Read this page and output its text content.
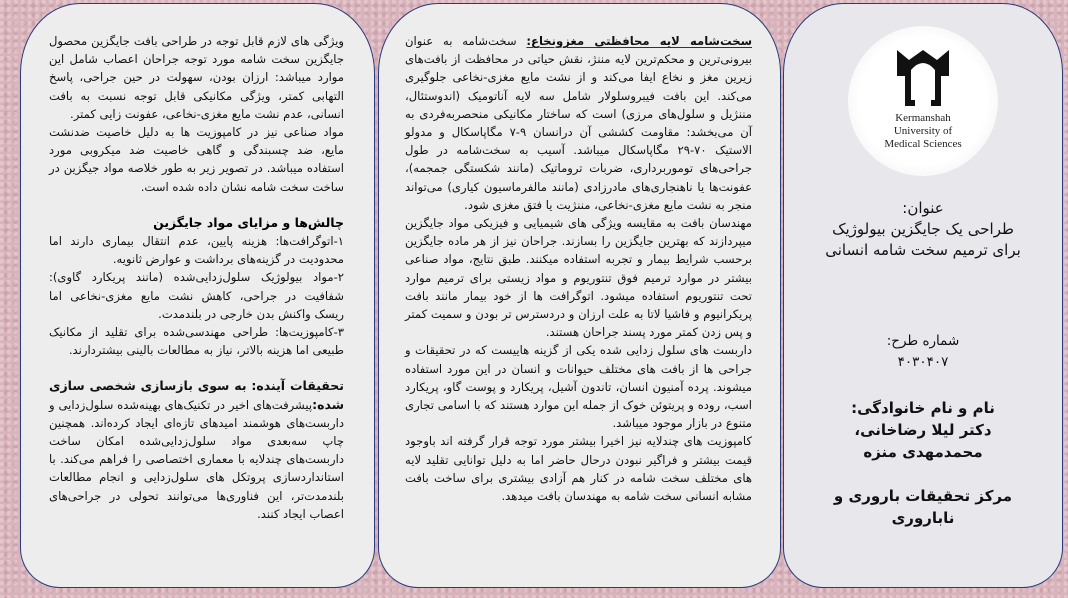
ویژگی های لازم قابل توجه در طراحی بافت جایگزین محصول جایگزین سخت شامه مورد توجه جراحان اعصاب شامل این موارد میباشد: ارزان بودن، سهولت در حین جراحی، پاسخ التهابی کمتر، ویژگی مکانیکی قابل توجه نسبت به بافت انسانی، عدم نشت مایع مغزی-نخاعی، عفونت زایی کمتر.

مواد صناعی نیز در کامپوزیت ها به دلیل خاصیت ضدنشت مایع، ضد چسبندگی و گاهی خاصیت ضد میکروبی مورد استفاده میباشد. در تصویر زیر به طور خلاصه مواد جیگزین در ساخت سخت شامه نشان داده شده است.

چالش‌ها و مزایای مواد جایگزین

۱-اتوگرافت‌ها: هزینه پایین، عدم انتقال بیماری دارند اما محدودیت در گزینه‌های برداشت و عوارض ثانویه.

۲-مواد بیولوژیک سلول‌زدایی‌شده (مانند پریکارد گاوی): شفافیت در جراحی، کاهش نشت مایع مغزی-نخاعی اما ریسک واکنش بدن خارجی در بلندمدت.

۳-کامپوزیت‌ها: طراحی مهندسی‌شده برای تقلید از مکانیک طبیعی اما هزینه بالاتر، نیاز به مطالعات بالینی بیشتردارند.

تحقیقات آینده: به سوی بازسازی شخصی سازی شده:پیشرفت‌های اخیر در تکنیک‌های بهینه‌شده سلول‌زدایی و داربست‌های هوشمند امیدهای تازه‌ای ایجاد کرده‌اند. همچنین چاپ سه‌بعدی مواد سلول‌زدایی‌شده امکان ساخت داربست‌های چندلایه با معماری اختصاصی را فراهم می‌کند. با استانداردسازی پروتکل های سلول‌زدایی و انجام مطالعات بلندمدت‌تر، این فناوری‌ها می‌توانند تحولی در جراحی‌های اعصاب ایجاد کنند.

سخت‌شامه لایه محافظتی مغزونخاع: سخت‌شامه به عنوان بیرونی‌ترین و محکم‌ترین لایه مننژ، نقش حیاتی در محافظت از بافت‌های زیرین مغز و نخاع ایفا می‌کند و از نشت مایع مغزی-نخاعی جلوگیری می‌کند. این بافت فیبروسلولار شامل سه لایه آناتومیک (اندوستئال، مننژیل و سلول‌های مرزی) است که ساختار مکانیکی منحصربه‌فردی به آن می‌بخشد: مقاومت کششی آن درانسان ۹-۷ مگاپاسکال و مدولو الاستیک ۷۰-۲۹ مگاپاسکال میباشد. آسیب به سخت‌شامه در طول جراحی‌های توموربرداری، ضربات تروماتیک (مانند شکستگی جمجمه)، عفونت‌ها یا ناهنجاری‌های مادرزادی (مانند مالفرماسیون کیاری) می‌تواند منجر به نشت مایع مغزی-نخاعی، مننژیت یا فتق مغزی شود.

مهندسان بافت به مقایسه ویژگی های شیمیایی و فیزیکی مواد جایگزین میپردازند که بهترین جایگزین را بسازند. جراحان نیز از هر ماده جایگزین برحسب شرایط بیمار و تجربه استفاده میکنند. طبق نتایج، مواد صناعی بیشتر در موارد ترمیم فوق تنتوریوم و مواد زیستی برای ترمیم موارد تحت تنتوریوم استفاده میشود. اتوگرافت ها از خود بیمار مانند بافت پریکرانیوم و فاشیا لاتا به علت ارزان و دردسترس تر بودن و سمیت کمتر و پس زدن کمتر مورد پسند جراحان هستند.

داربست های سلول زدایی شده یکی از گزینه هاییست که در تحقیقات و جراحی ها از بافت های مختلف حیوانات و انسان در این مورد استفاده میشوند. پرده آمنیون انسان، تاندون آشیل، پریکارد و پوست گاو، پریکارد اسب، روده و پریتوئن خوک از جمله این موارد هستند که با اسامی تجاری متنوع در بازار موجود میباشد.

کامپوزیت های چندلایه نیز اخیرا بیشتر مورد توجه قرار گرفته اند باوجود قیمت بیشتر و فراگیر نبودن درحال حاضر اما به دلیل توانایی تقلید لایه های مختلف سخت شامه در کنار هم آزادی بیشتری برای ساخت بافت مشابه انسانی سخت شامه به مهندسان بافت میدهد.

Kermanshah
University of
Medical Sciences
عنوان:
طراحی یک جایگزین بیولوژیک
برای ترمیم سخت شامه انسانی
شماره طرح:
۴۰۳۰۴۰۷
نام و نام خانوادگی:
دکتر لیلا رضاخانی،
محمدمهدی منزه
مرکز تحقیقات باروری و
ناباروری
